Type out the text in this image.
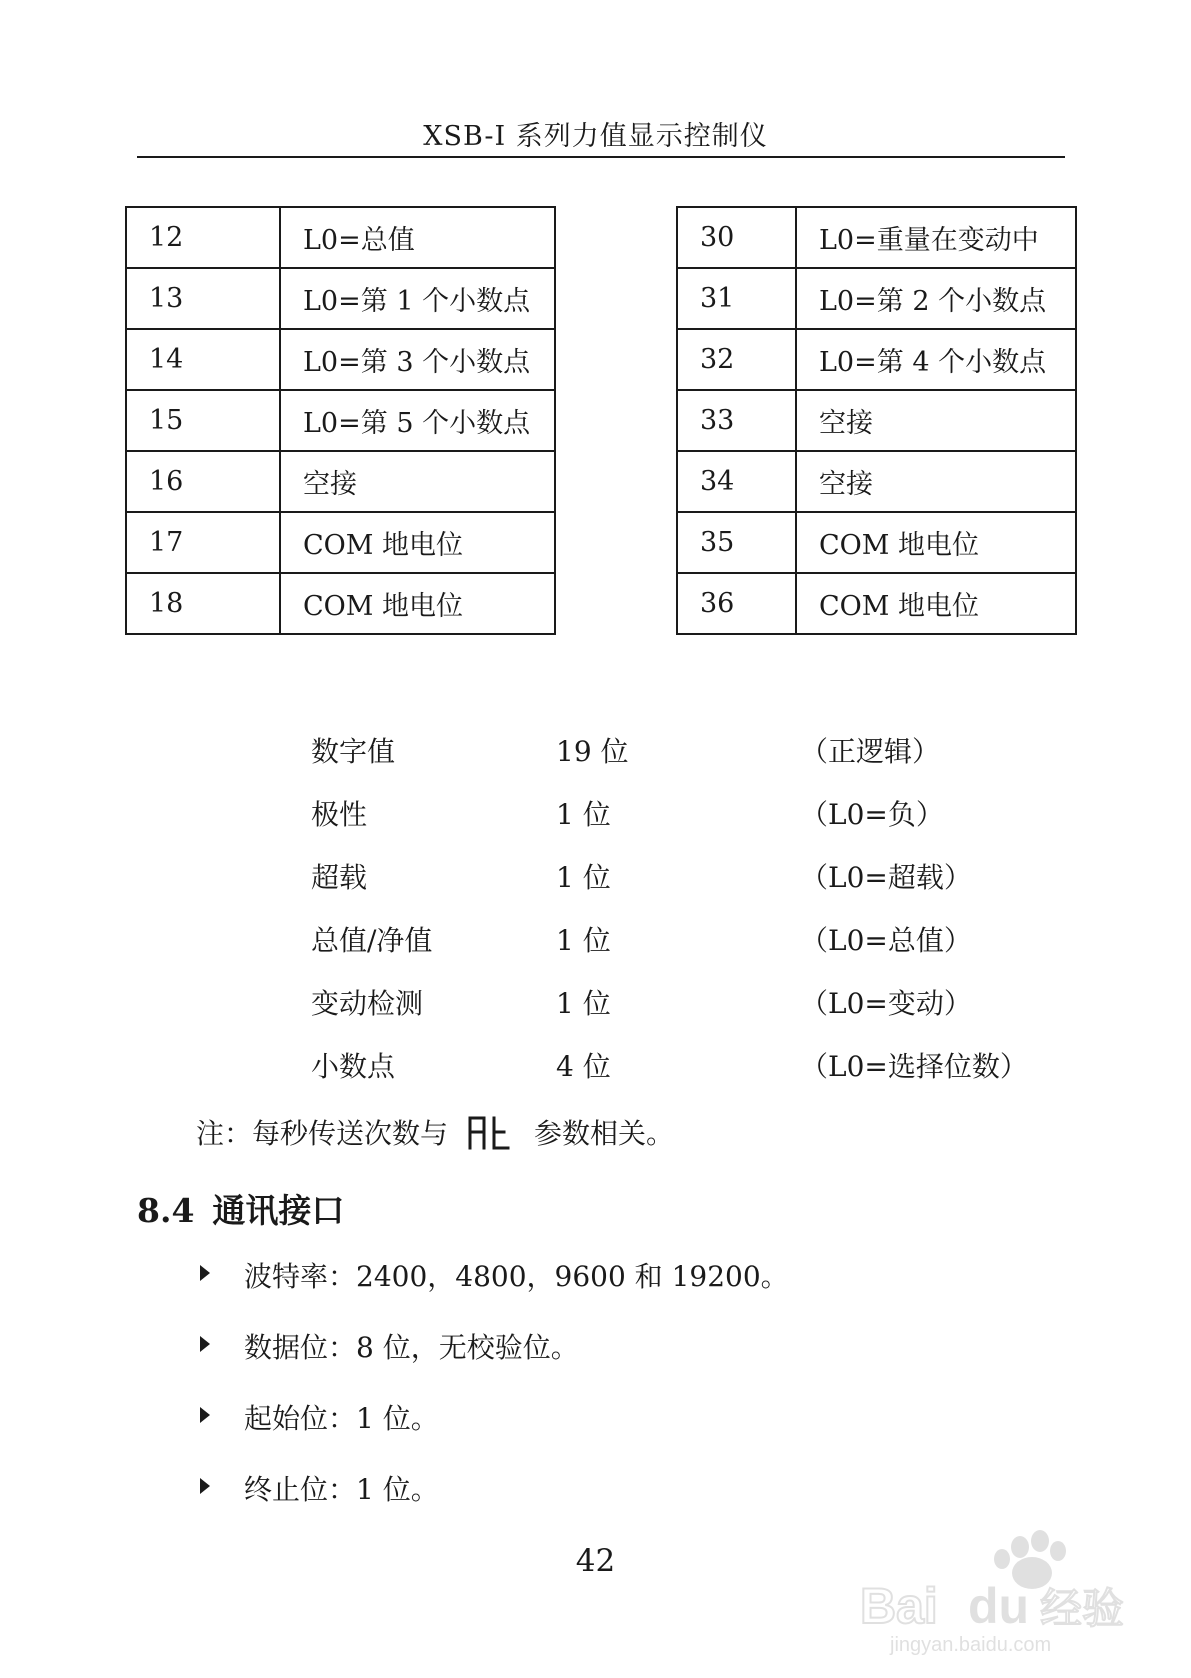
XSB-I 系列力值显示控制仪
12	L0=总值
13	L0=第 1 个小数点
14	L0=第 3 个小数点
15	L0=第 5 个小数点
16	空接
17	COM 地电位
18	COM 地电位
30	L0=重量在变动中
31	L0=第 2 个小数点
32	L0=第 4 个小数点
33	空接
34	空接
35	COM 地电位
36	COM 地电位
数字值	19 位	（正逻辑）
极性	1 位	（L0=负）
超载	1 位	（L0=超载）
总值/净值	1 位	（L0=总值）
变动检测	1 位	（L0=变动）
小数点	4 位	（L0=选择位数）
注：每秒传送次数与	参数相关。
8.4 通讯接口
波特率：2400，4800，9600 和 19200。
数据位：8 位，无校验位。
起始位：1 位。
终止位：1 位。
42
Bai du 经验
jingyan.baidu.com
